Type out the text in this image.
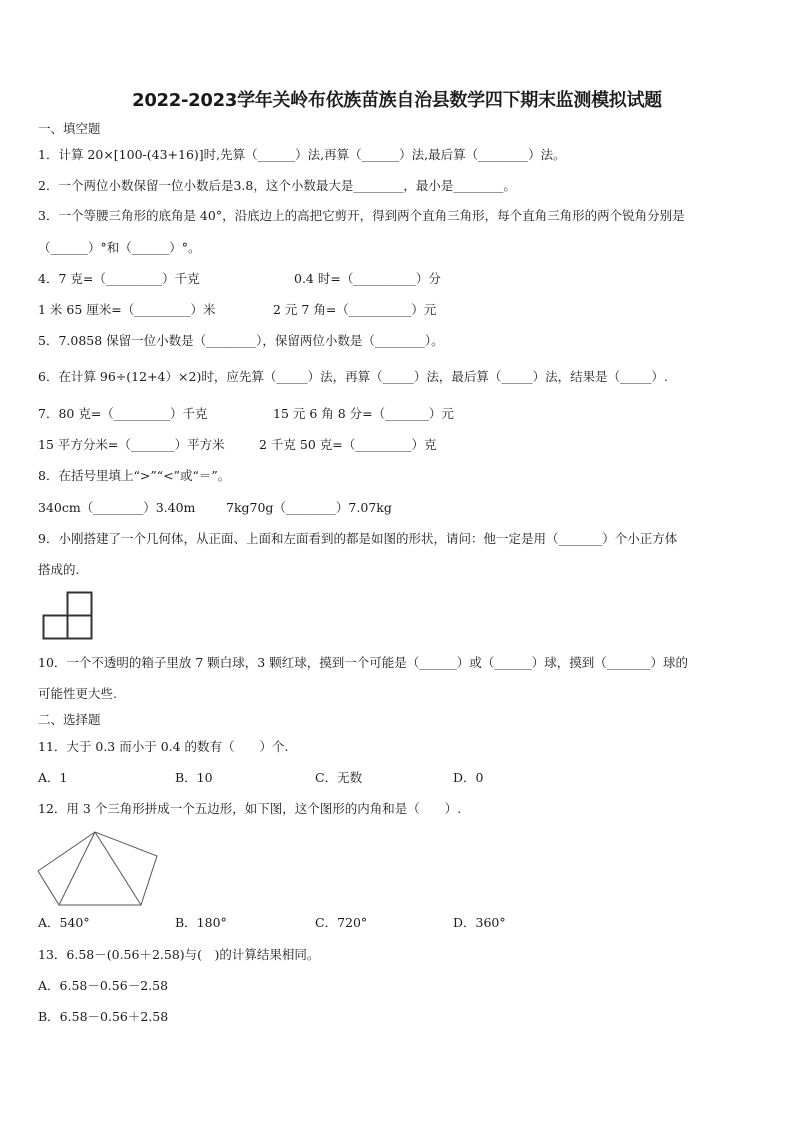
2022-2023学年关岭布依族苗族自治县数学四下期末监测模拟试题
一、填空题
1．计算 20×[100-(43+16)]时,先算（______）法,再算（______）法,最后算（________）法。
2．一个两位小数保留一位小数后是3.8，这个小数最大是________，最小是________。
3．一个等腰三角形的底角是 40°，沿底边上的高把它剪开，得到两个直角三角形，每个直角三角形的两个锐角分别是
（______）°和（______）°。
4．7 克=（_________）千克	0.4 时=（__________）分
1 米 65 厘米=（_________）米	2 元 7 角=（__________）元
5．7.0858 保留一位小数是（________），保留两位小数是（________）。
6．在计算 96÷(12+4）×2)时，应先算（_____）法，再算（_____）法，最后算（_____）法，结果是（_____）.
7．80 克=（_________）千克	15 元 6 角 8 分=（_______）元
15 平方分米=（_______）平方米	2 千克 50 克=（_________）克
8．在括号里填上“>”“<”或“＝”。
340cm（________）3.40m 7kg70g（________）7.07kg
9．小刚搭建了一个几何体，从正面、上面和左面看到的都是如图的形状，请问：他一定是用（_______）个小正方体
搭成的.
10．一个不透明的箱子里放 7 颗白球，3 颗红球，摸到一个可能是（______）或（______）球，摸到（_______）球的
可能性更大些.
二、选择题
11．大于 0.3 而小于 0.4 的数有（　　）个.
A．1	B．10	C．无数	D．0
12．用 3 个三角形拼成一个五边形，如下图，这个图形的内角和是（　　）.
A．540°	B．180°	C．720°	D．360°
13．6.58－(0.56＋2.58)与(　)的计算结果相同。
A．6.58－0.56－2.58
B．6.58－0.56＋2.58
